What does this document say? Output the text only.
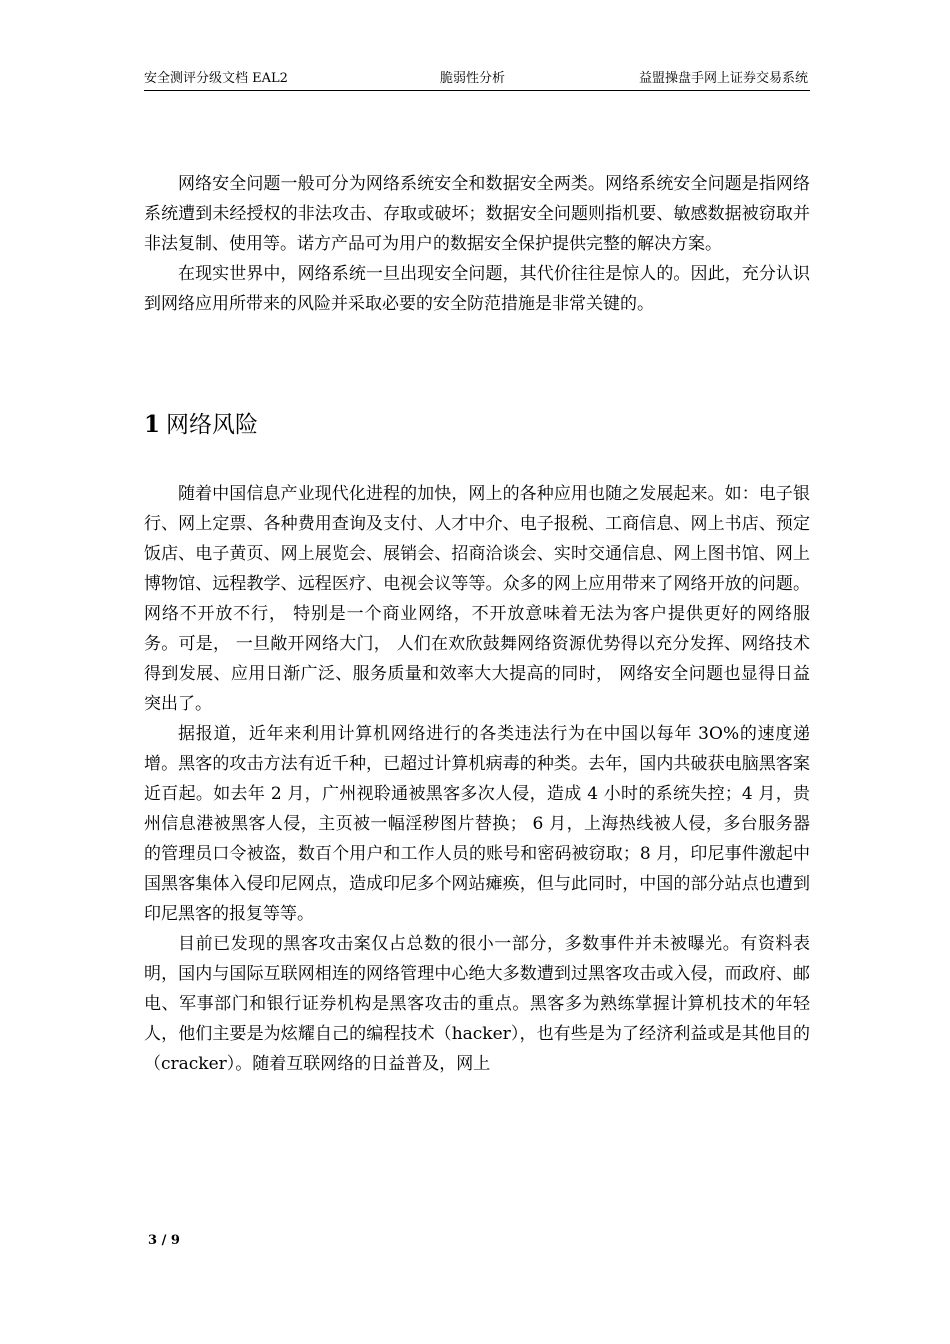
安全测评分级文档 EAL2	脆弱性分析	益盟操盘手网上证券交易系统

网络安全问题一般可分为网络系统安全和数据安全两类。网络系统安全问题是指网络系统遭到未经授权的非法攻击、存取或破坏；数据安全问题则指机要、敏感数据被窃取并非法复制、使用等。诺方产品可为用户的数据安全保护提供完整的解决方案。

在现实世界中，网络系统一旦出现安全问题，其代价往往是惊人的。因此，充分认识到网络应用所带来的风险并采取必要的安全防范措施是非常关键的。

1 网络风险

随着中国信息产业现代化进程的加快，网上的各种应用也随之发展起来。如：电子银行、网上定票、各种费用查询及支付、人才中介、电子报税、工商信息、网上书店、预定饭店、电子黄页、网上展览会、展销会、招商洽谈会、实时交通信息、网上图书馆、网上博物馆、远程教学、远程医疗、电视会议等等。众多的网上应用带来了网络开放的问题。网络不开放不行， 特别是一个商业网络，不开放意味着无法为客户提供更好的网络服务。可是， 一旦敞开网络大门， 人们在欢欣鼓舞网络资源优势得以充分发挥、网络技术得到发展、应用日渐广泛、服务质量和效率大大提高的同时， 网络安全问题也显得日益突出了。

据报道，近年来利用计算机网络进行的各类违法行为在中国以每年 3O%的速度递增。黑客的攻击方法有近千种，已超过计算机病毒的种类。去年，国内共破获电脑黑客案近百起。如去年 2 月，广州视聆通被黑客多次人侵，造成 4 小时的系统失控；4 月，贵州信息港被黑客人侵，主页被一幅淫秽图片替换； 6 月，上海热线被人侵，多台服务器的管理员口令被盗，数百个用户和工作人员的账号和密码被窃取；8 月，印尼事件激起中国黑客集体入侵印尼网点，造成印尼多个网站瘫痪，但与此同时，中国的部分站点也遭到印尼黑客的报复等等。

目前已发现的黑客攻击案仅占总数的很小一部分，多数事件并未被曝光。有资料表明，国内与国际互联网相连的网络管理中心绝大多数遭到过黑客攻击或入侵，而政府、邮电、军事部门和银行证券机构是黑客攻击的重点。黑客多为熟练掌握计算机技术的年轻人，他们主要是为炫耀自己的编程技术（hacker），也有些是为了经济利益或是其他目的（cracker）。随着互联网络的日益普及，网上

3 / 9
